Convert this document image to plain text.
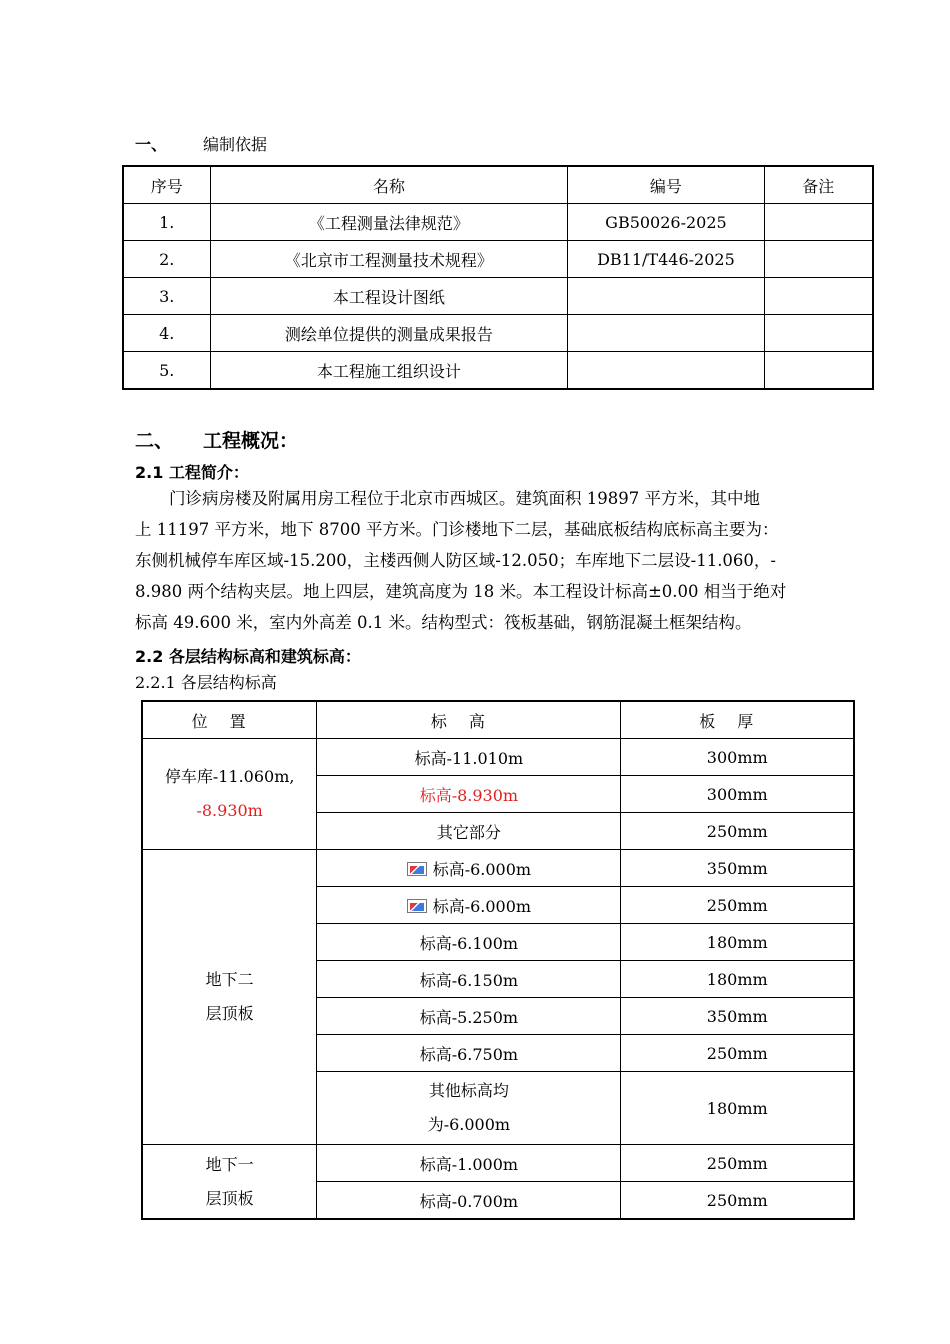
一、 编制依据
序号	名称	编号	备注
1.	《工程测量法律规范》	GB50026-2025	
2.	《北京市工程测量技术规程》	DB11/T446-2025	
3.	本工程设计图纸		
4.	测绘单位提供的测量成果报告		
5.	本工程施工组织设计		
二、 工程概况：
2.1 工程简介：
门诊病房楼及附属用房工程位于北京市西城区。建筑面积 19897 平方米，其中地
上 11197 平方米，地下 8700 平方米。门诊楼地下二层，基础底板结构底标高主要为：
东侧机械停车库区域-15.200，主楼西侧人防区域-12.050；车库地下二层设-11.060，-
8.980 两个结构夹层。地上四层，建筑高度为 18 米。本工程设计标高±0.00 相当于绝对
标高 49.600 米，室内外高差 0.1 米。结构型式：筏板基础，钢筋混凝土框架结构。
2.2 各层结构标高和建筑标高：
2.2.1 各层结构标高
位置	标高	板厚

停车库-11.060m,
-8.930m	标高-11.010m	300mm
	标高-8.930m	300mm
	其它部分	250mm

地下二
层顶板	标高-6.000m	350mm
	标高-6.000m	250mm
	标高-6.100m	180mm
	标高-6.150m	180mm
	标高-5.250m	350mm
	标高-6.750m	250mm

	其他标高均
为-6.000m	180mm

地下一
层顶板	标高-1.000m	250mm
	标高-0.700m	250mm
